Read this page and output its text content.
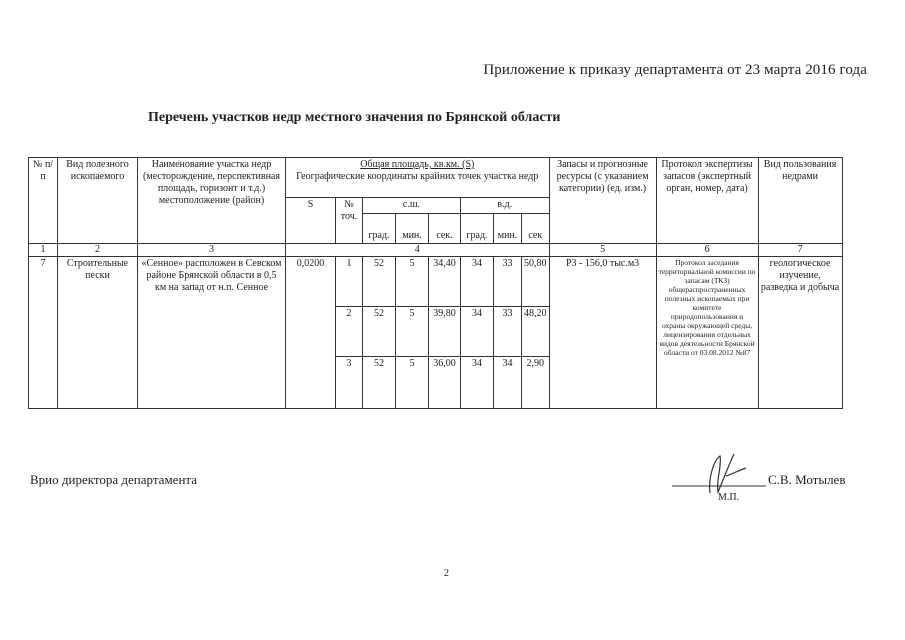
Приложение к приказу департамента от 23 марта 2016 года
Перечень участков недр местного значения по Брянской области
№ п/п	Вид полезного ископаемого	Наименование участка недр (месторождение, перспективная площадь, горизонт и т.д.) местоположение (район)	Общая площадь, кв.км. (S)
Географические координаты крайних точек участка недр								Запасы и прогнозные ресурсы (с указанием категории) (ед. изм.)	Протокол экспертизы запасов (экспертный орган, номер, дата)	Вид пользования недрами
			S	№ точ.	с.ш.			в.д.					
					град.	мин.	сек.	град.	мин.	сек			
1	2	3	4								5	6	7
7	Строительные пески	«Сенное» расположен в Севском районе Брянской области в 0,5 км на запад от н.п. Сенное	0,0200	1	52	5	34,40	34	33	50,80	Р3 - 156,0 тыс.м3	Протокол заседания территориальной комиссии по запасам (ТКЗ) общераспространенных полезных ископаемых при комитете природопользования и охраны окружающей среды, лицензирования отдельных видов деятельности Брянской области от 03.08.2012 №87	геологическое изучение, разведка и добыча
				2	52	5	39,80	34	33	48,20			
				3	52	5	36,00	34	34	2,90			
Врио директора департамента	С.В. Мотылев
М.П.
2
